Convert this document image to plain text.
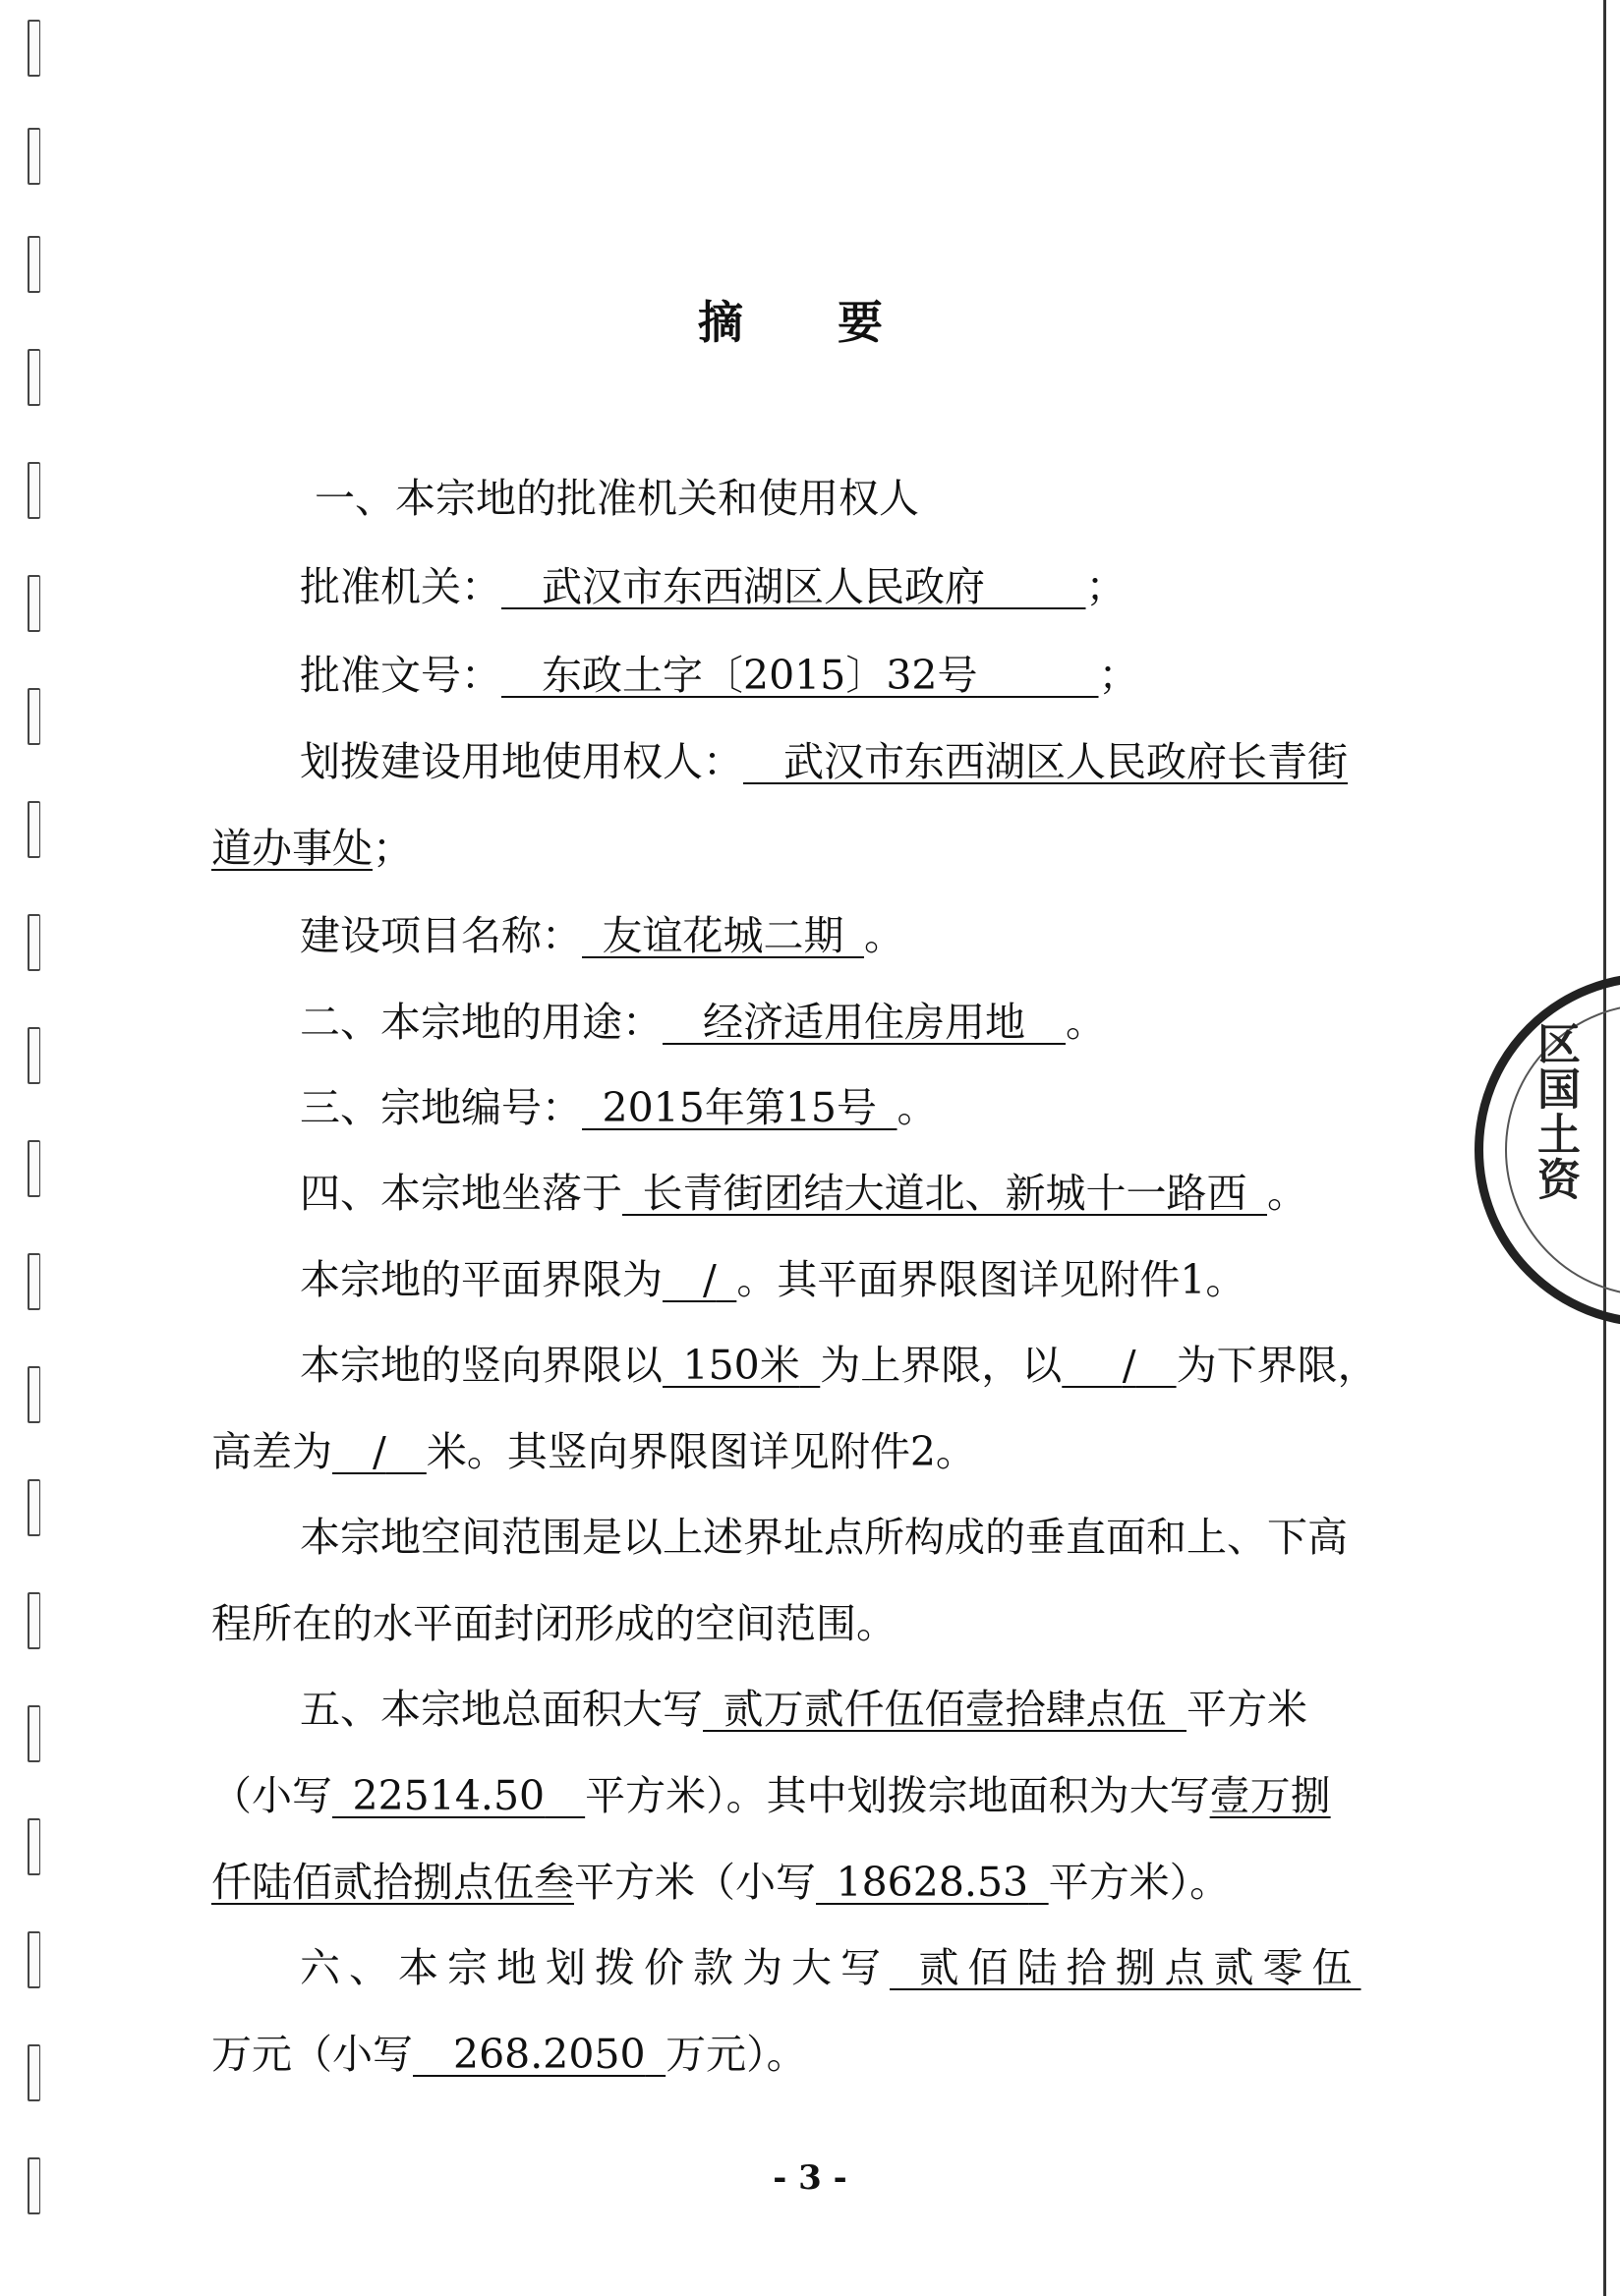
区国土资
摘 要
一、本宗地的批准机关和使用权人
批准机关：   武汉市东西湖区人民政府     	；
批准文号：   东政土字〔2015〕32号      	；
划拨建设用地使用权人：   武汉市东西湖区人民政府长青街
道办事处；
建设项目名称：  友谊花城二期  。
二、本宗地的用途：   经济适用住房用地   。
三、宗地编号：  2015年第15号  。
四、本宗地坐落于  长青街团结大道北、新城十一路西  。
本宗地的平面界限为   /  。其平面界限图详见附件1。
本宗地的竖向界限以  150米  为上界限，以    /   为下界限，
高差为   /   米。其竖向界限图详见附件2。
本宗地空间范围是以上述界址点所构成的垂直面和上、下高
程所在的水平面封闭形成的空间范围。
五、本宗地总面积大写  贰万贰仟伍佰壹拾肆点伍  平方米
（小写  22514.50   平方米）。其中划拨宗地面积为大写壹万捌
仟陆佰贰拾捌点伍叁平方米（小写  18628.53  平方米）。
六、本宗地划拨价款为大写  贰佰陆拾捌点贰零伍
万元（小写   268.2050  万元）。
- 3 -
